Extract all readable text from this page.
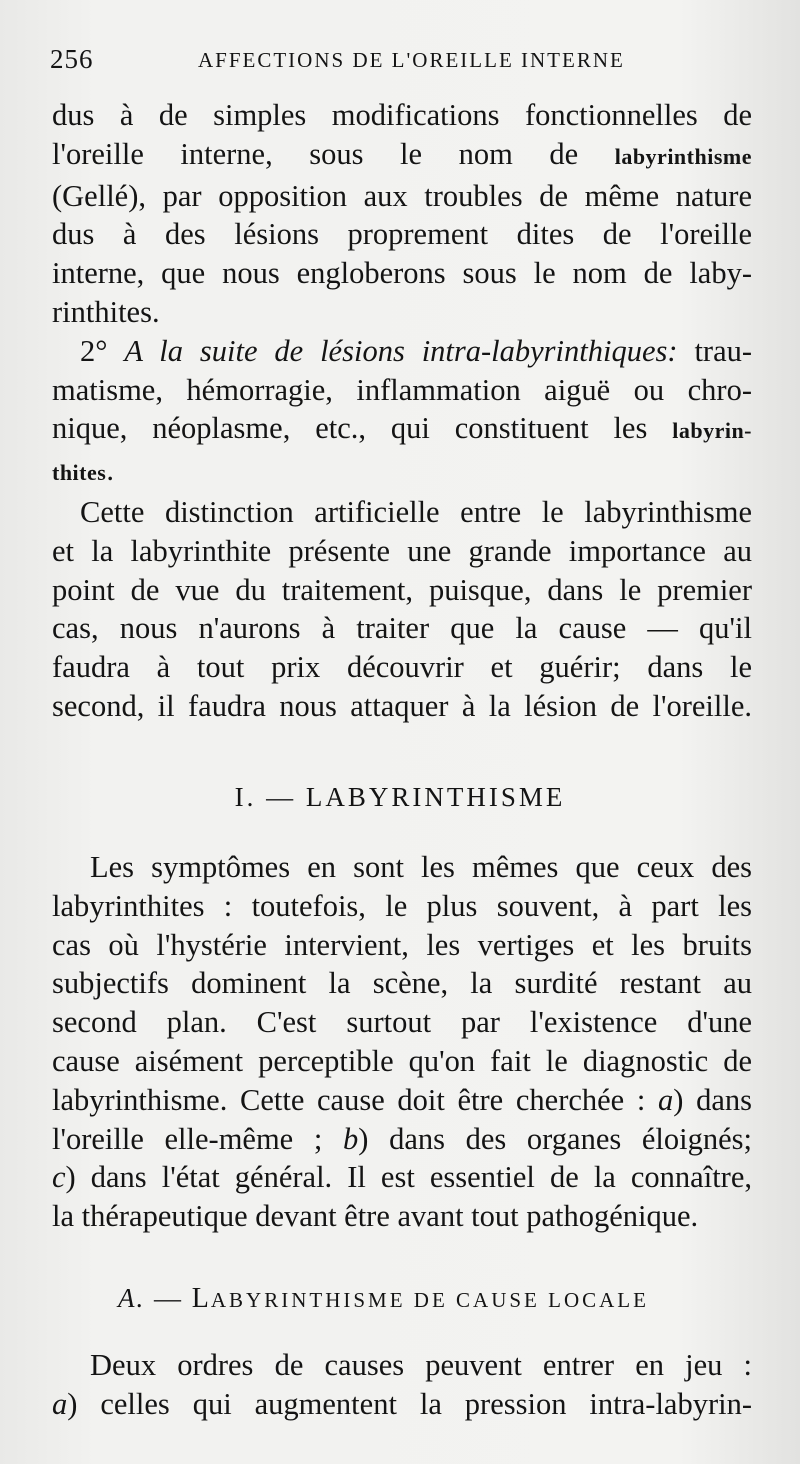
256	AFFECTIONS DE L'OREILLE INTERNE
dus à de simples modifications fonctionnelles de
l'oreille interne, sous le nom de labyrinthisme
(Gellé), par opposition aux troubles de même nature
dus à des lésions proprement dites de l'oreille
interne, que nous engloberons sous le nom de laby-
rinthites.
2° A la suite de lésions intra-labyrinthiques: trau-
matisme, hémorragie, inflammation aiguë ou chro-
nique, néoplasme, etc., qui constituent les labyrin-
thites.
Cette distinction artificielle entre le labyrinthisme
et la labyrinthite présente une grande importance au
point de vue du traitement, puisque, dans le premier
cas, nous n'aurons à traiter que la cause — qu'il
faudra à tout prix découvrir et guérir; dans le
second, il faudra nous attaquer à la lésion de l'oreille.
I. — LABYRINTHISME
Les symptômes en sont les mêmes que ceux des
labyrinthites : toutefois, le plus souvent, à part les
cas où l'hystérie intervient, les vertiges et les bruits
subjectifs dominent la scène, la surdité restant au
second plan. C'est surtout par l'existence d'une
cause aisément perceptible qu'on fait le diagnostic de
labyrinthisme. Cette cause doit être cherchée : a) dans
l'oreille elle-même ; b) dans des organes éloignés;
c) dans l'état général. Il est essentiel de la connaître,
la thérapeutique devant être avant tout pathogénique.
A. — LABYRINTHISME DE CAUSE LOCALE
Deux ordres de causes peuvent entrer en jeu :
a) celles qui augmentent la pression intra-labyrin-
